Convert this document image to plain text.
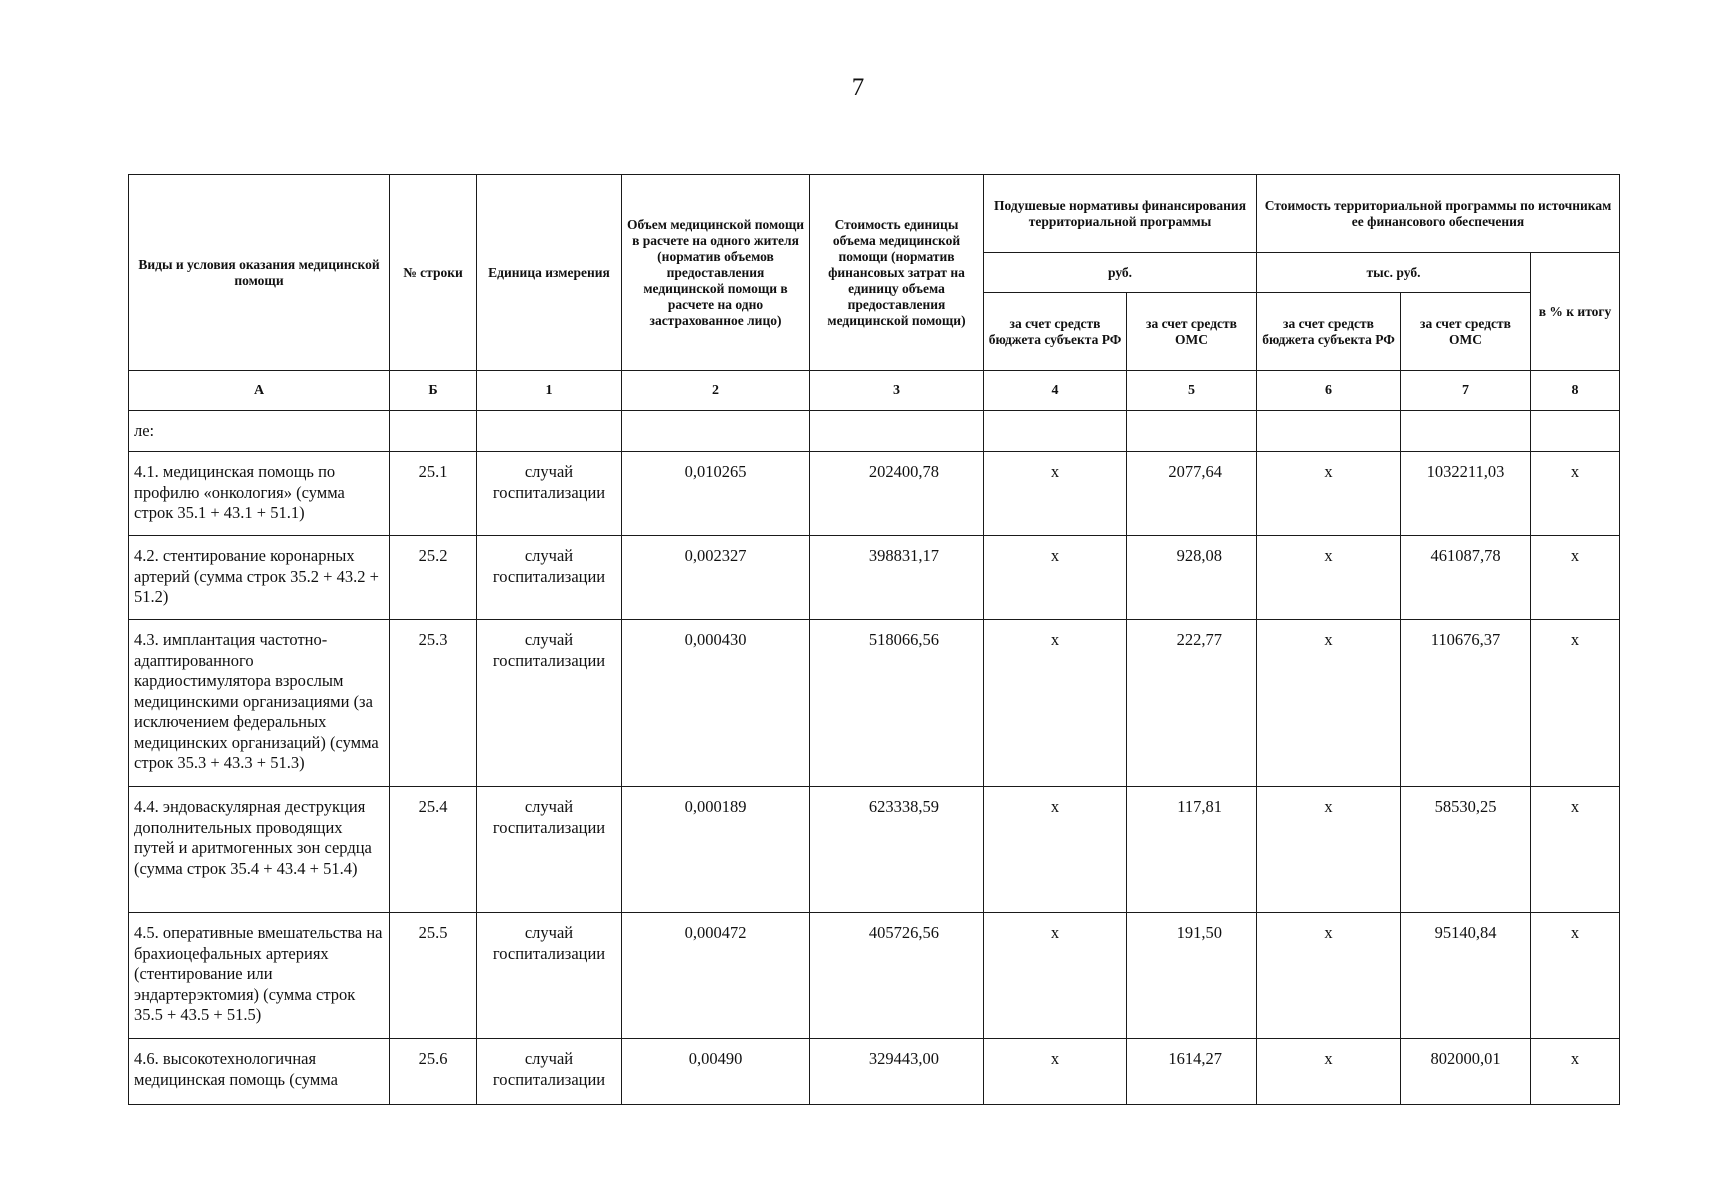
7
Виды и условия оказания медицинской помощи	№ строки	Единица измерения	Объем медицинской помощи в расчете на одного жителя (норматив объемов предоставления медицинской помощи в расчете на одно застрахованное лицо)	Стоимость единицы объема медицинской помощи (норматив финансовых затрат на единицу объема предоставления медицинской помощи)	Подушевые нормативы финансирования территориальной программы		Стоимость территориальной программы по источникам ее финансового обеспечения		
					руб.		тыс. руб.		в % к итогу
					за счет средств бюджета субъекта РФ	за счет средств ОМС	за счет средств бюджета субъекта РФ	за счет средств ОМС	
А	Б	1	2	3	4	5	6	7	8
ле:									
4.1. медицинская помощь по профилю «онкология» (сумма строк 35.1 + 43.1 + 51.1)	25.1	случай госпитализации	0,010265	202400,78	х	2077,64	х	1032211,03	х
4.2. стентирование коронарных артерий (сумма строк 35.2 + 43.2 + 51.2)	25.2	случай госпитализации	0,002327	398831,17	х	928,08	х	461087,78	х
4.3. имплантация частотно-адаптированного кардиостимулятора взрослым медицинскими организациями (за исключением федеральных медицинских организаций) (сумма строк 35.3 + 43.3 + 51.3)	25.3	случай госпитализации	0,000430	518066,56	х	222,77	х	110676,37	х
4.4. эндоваскулярная деструкция дополнительных проводящих путей и аритмогенных зон сердца (сумма строк 35.4 + 43.4 + 51.4)	25.4	случай госпитализации	0,000189	623338,59	х	117,81	х	58530,25	х
4.5. оперативные вмешательства на брахиоцефальных артериях (стентирование или эндартерэктомия) (сумма строк 35.5 + 43.5 + 51.5)	25.5	случай госпитализации	0,000472	405726,56	х	191,50	х	95140,84	х
4.6. высокотехнологичная медицинская помощь (сумма	25.6	случай госпитализации	0,00490	329443,00	х	1614,27	х	802000,01	х
